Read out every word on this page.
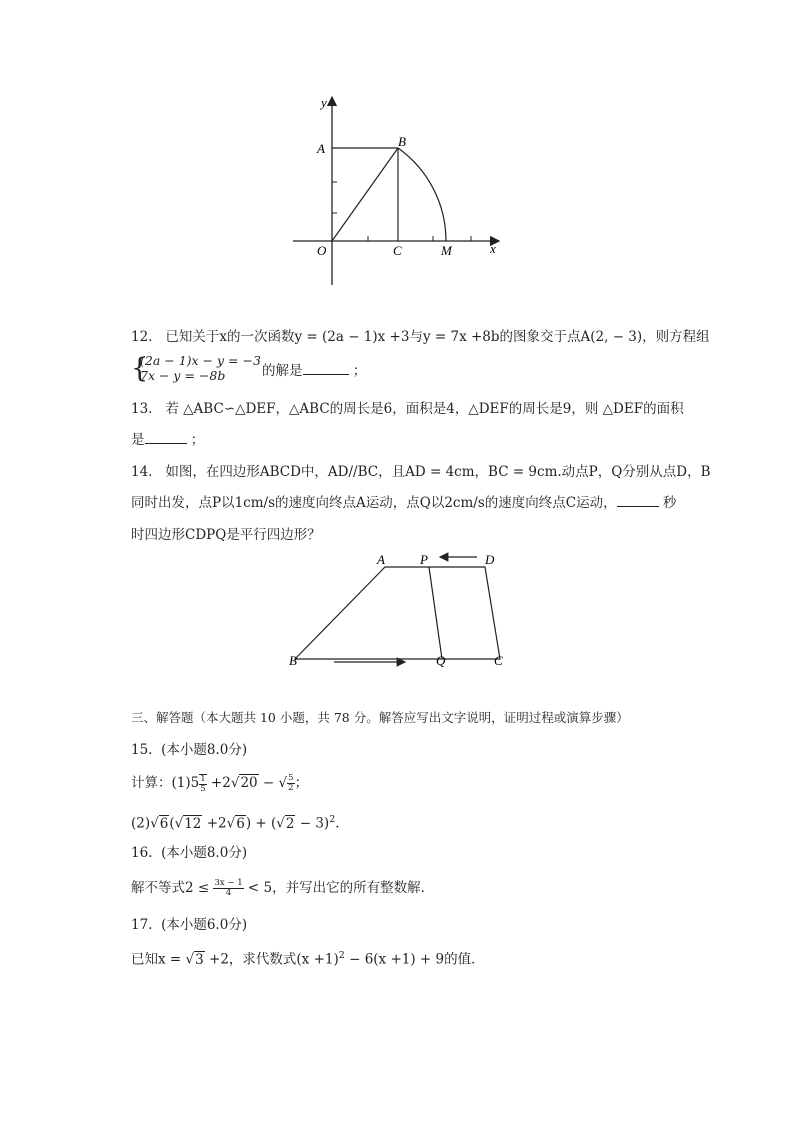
y
x
A	B
O	C	M
12. 已知关于x的一次函数y = (2a − 1)x +3与y = 7x +8b的图象交于点A(2, − 3)，则方程组
{
(2a − 1)x − y = −3
7x − y = −8b	的解是	；
13. 若 △ABC∽△DEF，△ABC的周长是6，面积是4，△DEF的周长是9，则 △DEF的面积
是	；
14. 如图，在四边形ABCD中，AD//BC，且AD = 4cm，BC = 9cm.动点P，Q分别从点D，B
同时出发，点P以1cm/s的速度向终点A运动，点Q以2cm/s的速度向终点C运动，	秒
时四边形CDPQ是平行四边形？
A	P	D
B	Q	C
三、解答题（本大题共 10 小题，共 78 分。解答应写出文字说明，证明过程或演算步骤）
15. (本小题8.0分)
计算：$(1)5 \frac{1}{5} +2√20$ − √ $\frac{5}{2}$ ；
$(2)√6(√12 +2√6) + (√2 - 3)^2$.
16. (本小题8.0分)
解不等式$2 \le \frac{3x - 1}{4} < 5$，并写出它的所有整数解．
17. (本小题6.0分)
已知x = √3 +2，求代数式$(x +1)^2 - 6(x +1) + 9$的值．
